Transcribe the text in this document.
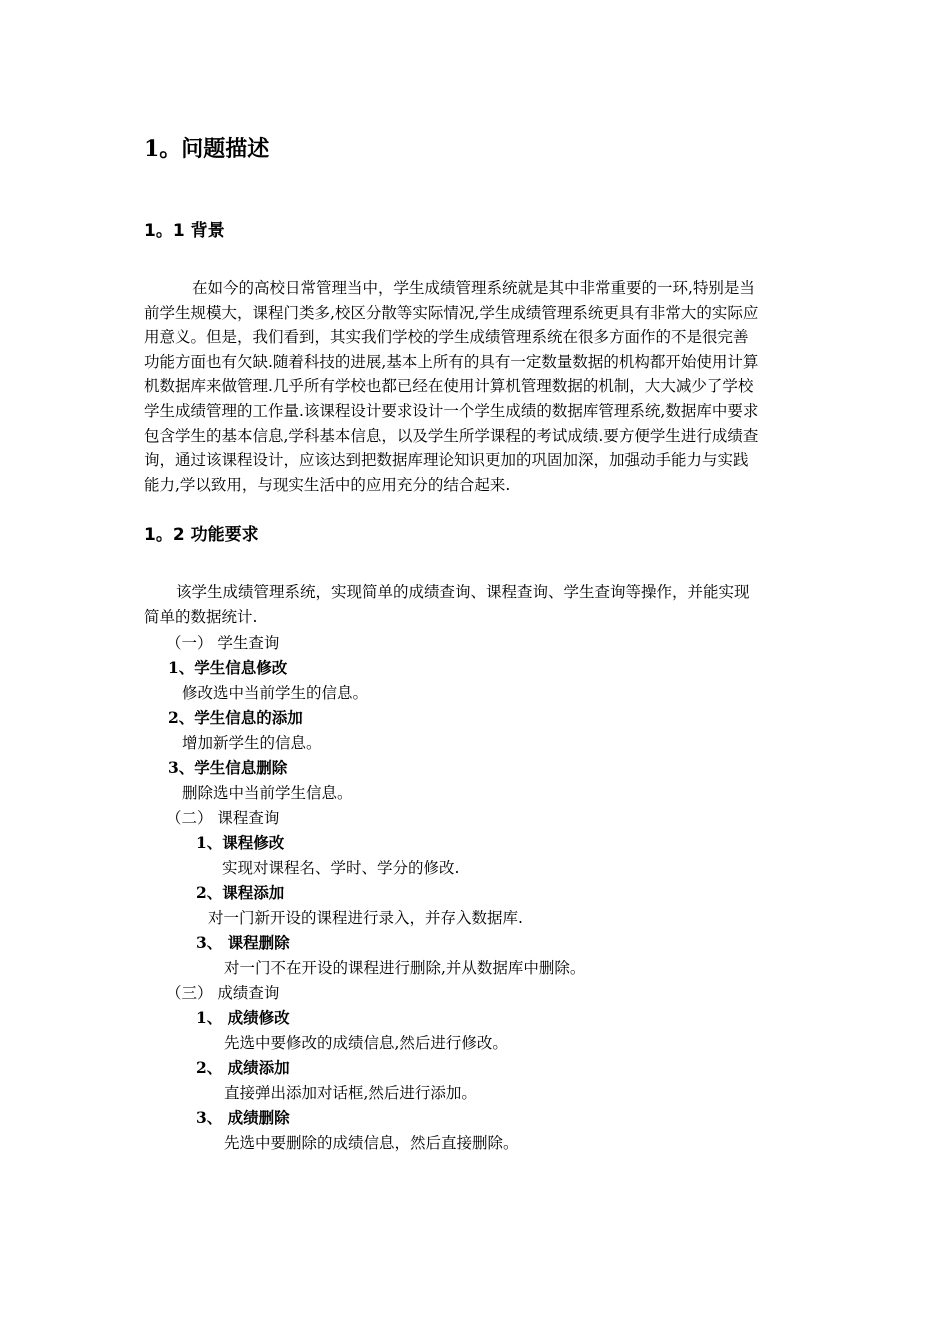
1。问题描述
1。1 背景
在如今的高校日常管理当中，学生成绩管理系统就是其中非常重要的一环,特别是当
前学生规模大，课程门类多,校区分散等实际情况,学生成绩管理系统更具有非常大的实际应
用意义。但是，我们看到，其实我们学校的学生成绩管理系统在很多方面作的不是很完善
功能方面也有欠缺.随着科技的进展,基本上所有的具有一定数量数据的机构都开始使用计算
机数据库来做管理.几乎所有学校也都已经在使用计算机管理数据的机制，大大减少了学校
学生成绩管理的工作量.该课程设计要求设计一个学生成绩的数据库管理系统,数据库中要求
包含学生的基本信息,学科基本信息，以及学生所学课程的考试成绩.要方便学生进行成绩查
询，通过该课程设计，应该达到把数据库理论知识更加的巩固加深，加强动手能力与实践
能力,学以致用，与现实生活中的应用充分的结合起来.
1。2 功能要求
该学生成绩管理系统，实现简单的成绩查询、课程查询、学生查询等操作，并能实现
简单的数据统计.
（一） 学生查询
1、学生信息修改
修改选中当前学生的信息。
2、学生信息的添加
增加新学生的信息。
3、学生信息删除
删除选中当前学生信息。
（二） 课程查询
1、课程修改
实现对课程名、学时、学分的修改.
2、课程添加
对一门新开设的课程进行录入，并存入数据库.
3、 课程删除
对一门不在开设的课程进行删除,并从数据库中删除。
（三） 成绩查询
1、 成绩修改
先选中要修改的成绩信息,然后进行修改。
2、 成绩添加
直接弹出添加对话框,然后进行添加。
3、 成绩删除
先选中要删除的成绩信息，然后直接删除。
